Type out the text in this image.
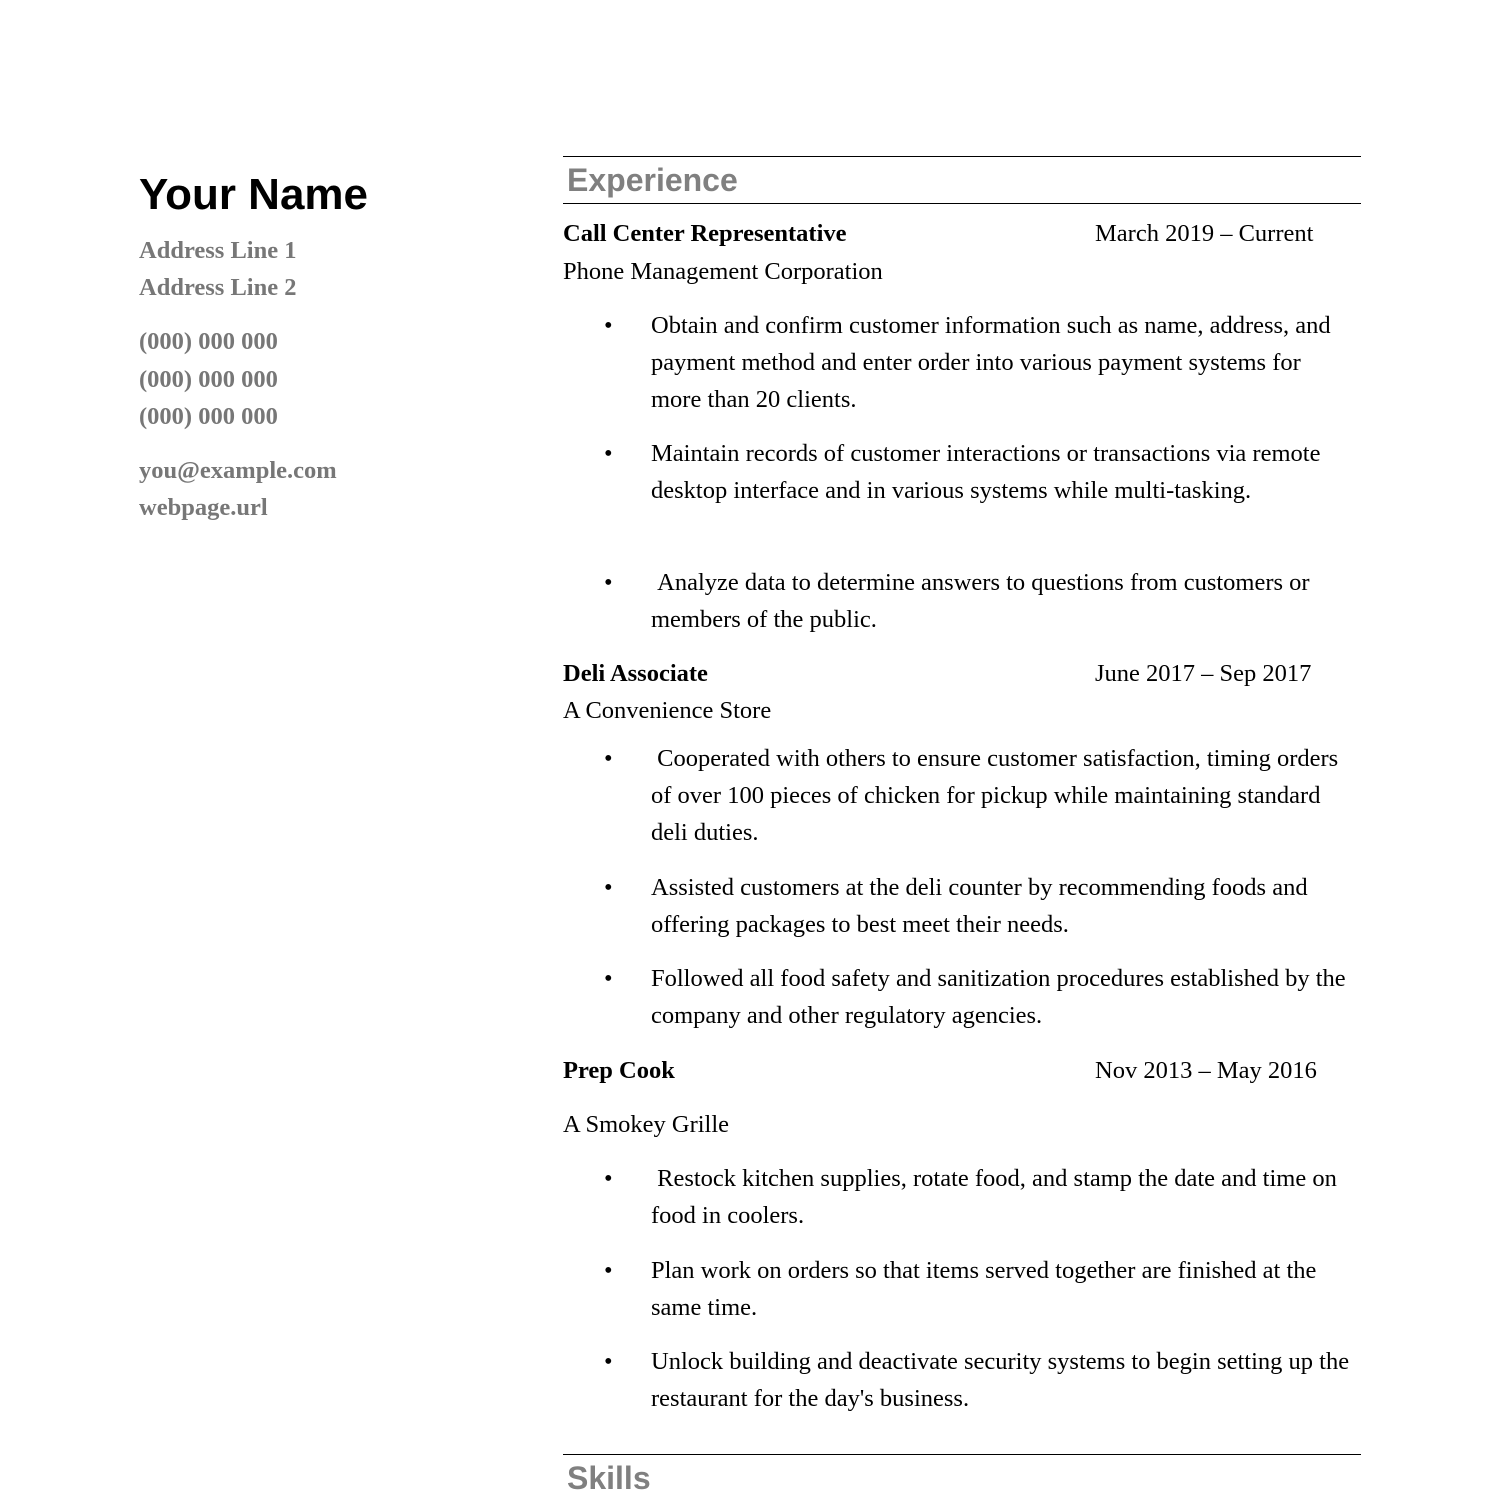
Your Name
Address Line 1
Address Line 2
(000) 000 000
(000) 000 000
(000) 000 000
you@example.com
webpage.url
Experience
Skills
Call Center Representative	March 2019 – Current
Phone Management Corporation
• Obtain and confirm customer information such as name, address, and payment method and enter order into various payment systems for more than 20 clients.
• Maintain records of customer interactions or transactions via remote desktop interface and in various systems while multi-tasking.
• Analyze data to determine answers to questions from customers or members of the public.
Deli Associate	June 2017 – Sep 2017
A Convenience Store
• Cooperated with others to ensure customer satisfaction, timing orders of over 100 pieces of chicken for pickup while maintaining standard deli duties.
• Assisted customers at the deli counter by recommending foods and offering packages to best meet their needs.
• Followed all food safety and sanitization procedures established by the company and other regulatory agencies.
Prep Cook	Nov 2013 – May 2016
A Smokey Grille
• Restock kitchen supplies, rotate food, and stamp the date and time on food in coolers.
• Plan work on orders so that items served together are finished at the same time.
• Unlock building and deactivate security systems to begin setting up the restaurant for the day's business.
